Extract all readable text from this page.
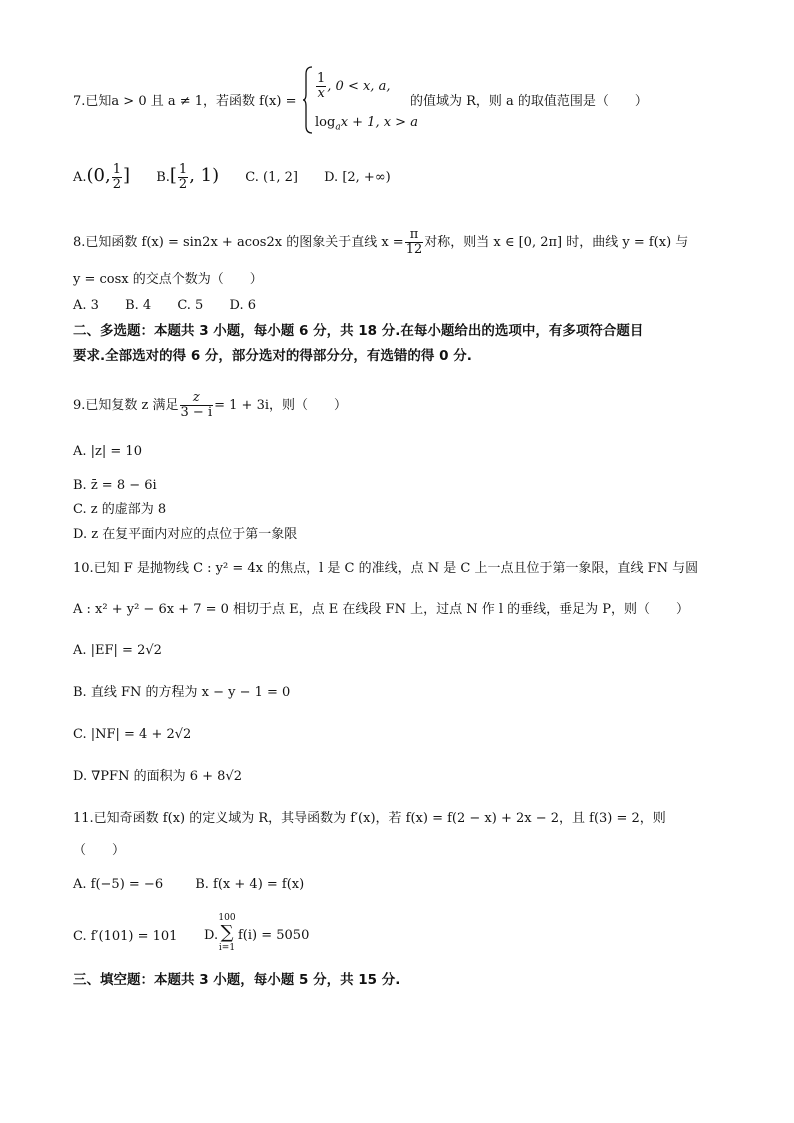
7.已知a > 0 且 a ≠ 1，若函数 f(x) =
$\frac{1}{x}$ , 0 < x, a,
$\log_ax + 1$, x > a
的值域为 R，则 a 的取值范围是（　　）
A.(0, $\frac{1}{2}$ ] $B.[ \frac{1}{2}$ , 1) C. (1, 2] D. [2, +∞)
8.已知函数 f(x) = sin2x + acos2x 的图象关于直线 $x = \frac{\pi}{12}$ 对称，则当 x ∈ [0, 2π] 时，曲线 y = f(x) 与
y = cosx 的交点个数为（　　）
A. 3 B. 4 C. 5 D. 6
二、多选题：本题共 3 小题，每小题 6 分，共 18 分.在每小题给出的选项中，有多项符合题目
要求.全部选对的得 6 分，部分选对的得部分分，有选错的得 0 分.
9.已知复数 z 满足 $\frac{z}{3 - i} = 1 + 3i$，则（　　）
A. |z| = 10
B. z̄ = 8 − 6i
C. z 的虚部为 8
D. z 在复平面内对应的点位于第一象限
10.已知 F 是抛物线 C : y² = 4x 的焦点，l 是 C 的准线，点 N 是 C 上一点且位于第一象限，直线 FN 与圆
A : x² + y² − 6x + 7 = 0 相切于点 E，点 E 在线段 FN 上，过点 N 作 l 的垂线，垂足为 P，则（　　）
A. |EF| = 2√2
B. 直线 FN 的方程为 x − y − 1 = 0
C. |NF| = 4 + 2√2
D. ∇PFN 的面积为 6 + 8√2
11.已知奇函数 f(x) 的定义域为 R，其导函数为 f′(x)，若 f(x) = f(2 − x) + 2x − 2，且 f(3) = 2，则
（　　）
A. f(−5) = −6 B. f(x + 4) = f(x)
C. f′(101) = 101 D.
100
∑
i=1
f(i) = 5050
三、填空题：本题共 3 小题，每小题 5 分，共 15 分.
